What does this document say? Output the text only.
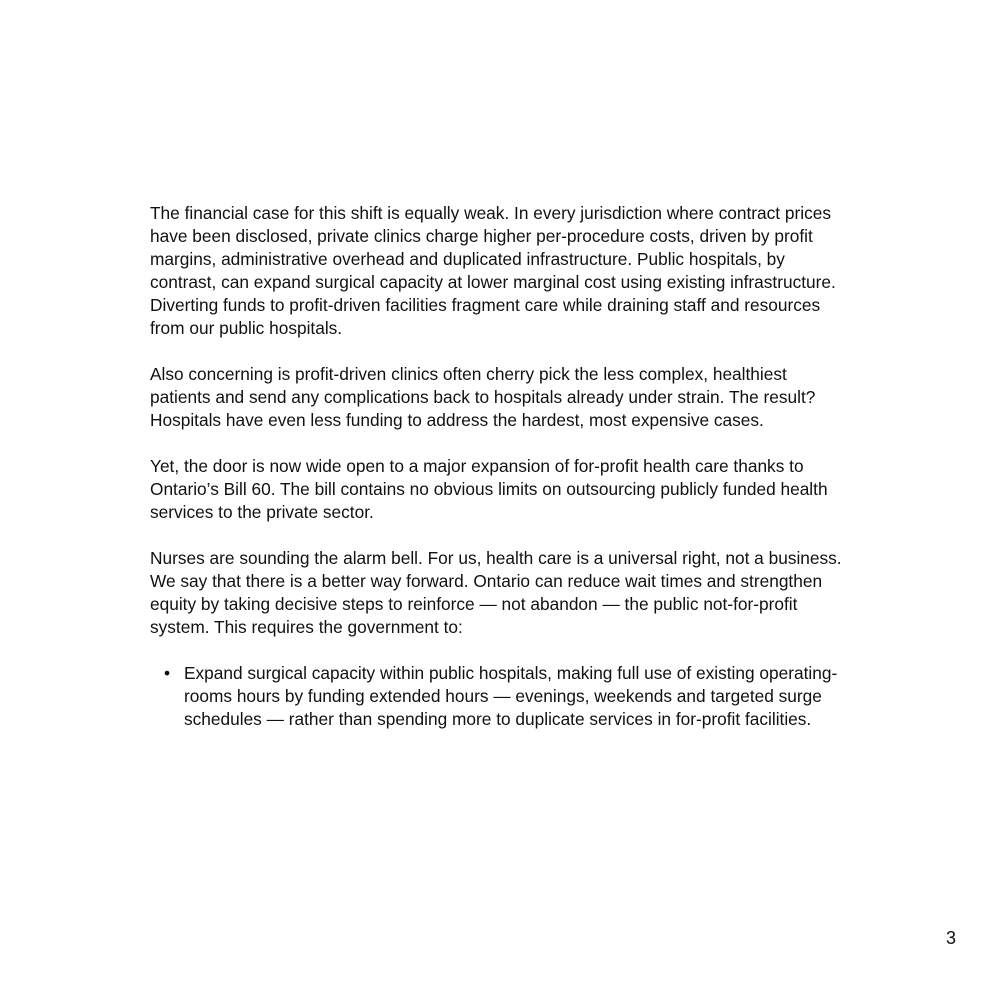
The financial case for this shift is equally weak. In every jurisdiction where contract prices have been disclosed, private clinics charge higher per-procedure costs, driven by profit margins, administrative overhead and duplicated infrastructure. Public hospitals, by contrast, can expand surgical capacity at lower marginal cost using existing infrastructure. Diverting funds to profit-driven facilities fragment care while draining staff and resources from our public hospitals.

Also concerning is profit-driven clinics often cherry pick the less complex, healthiest patients and send any complications back to hospitals already under strain. The result? Hospitals have even less funding to address the hardest, most expensive cases.

Yet, the door is now wide open to a major expansion of for-profit health care thanks to Ontario’s Bill 60. The bill contains no obvious limits on outsourcing publicly funded health services to the private sector.

Nurses are sounding the alarm bell. For us, health care is a universal right, not a business. We say that there is a better way forward. Ontario can reduce wait times and strengthen equity by taking decisive steps to reinforce — not abandon — the public not-for-profit system. This requires the government to:

• Expand surgical capacity within public hospitals, making full use of existing operating-rooms hours by funding extended hours — evenings, weekends and targeted surge schedules — rather than spending more to duplicate services in for-profit facilities.
3
